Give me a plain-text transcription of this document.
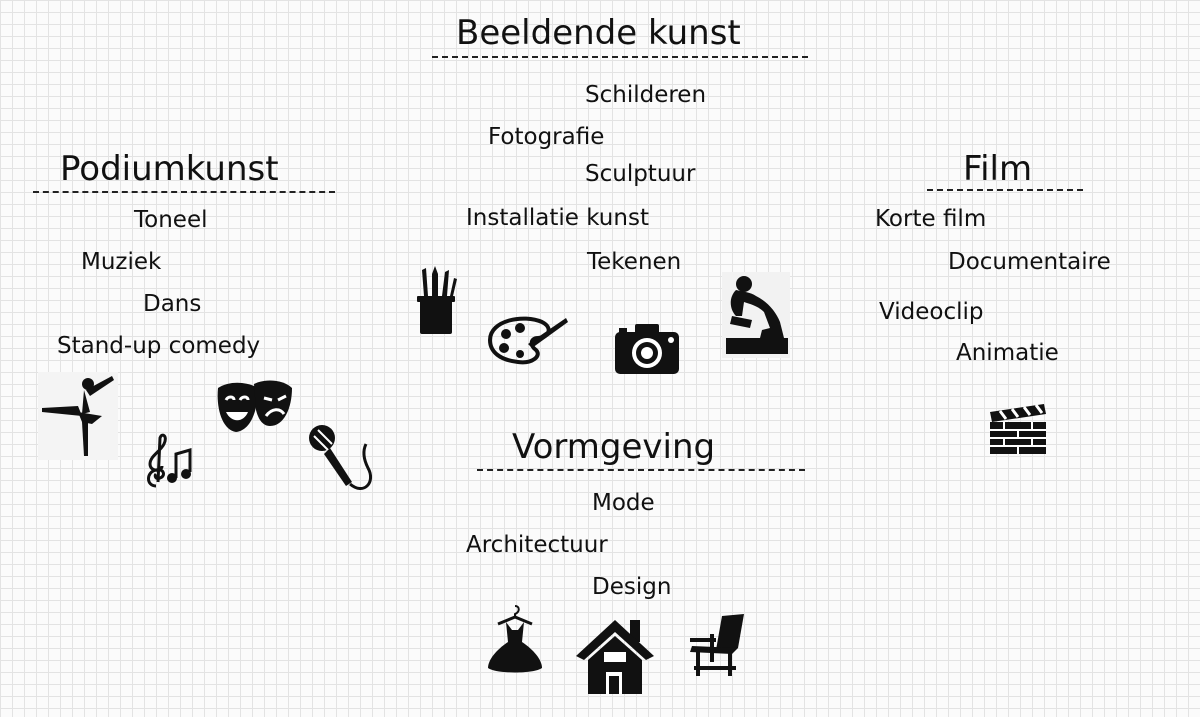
Beeldende kunst
Schilderen
Fotografie
Sculptuur
Installatie kunst
Tekenen
Podiumkunst
Toneel
Muziek
Dans
Stand-up comedy
Film
Korte film
Documentaire
Videoclip
Animatie
Vormgeving
Mode
Architectuur
Design
